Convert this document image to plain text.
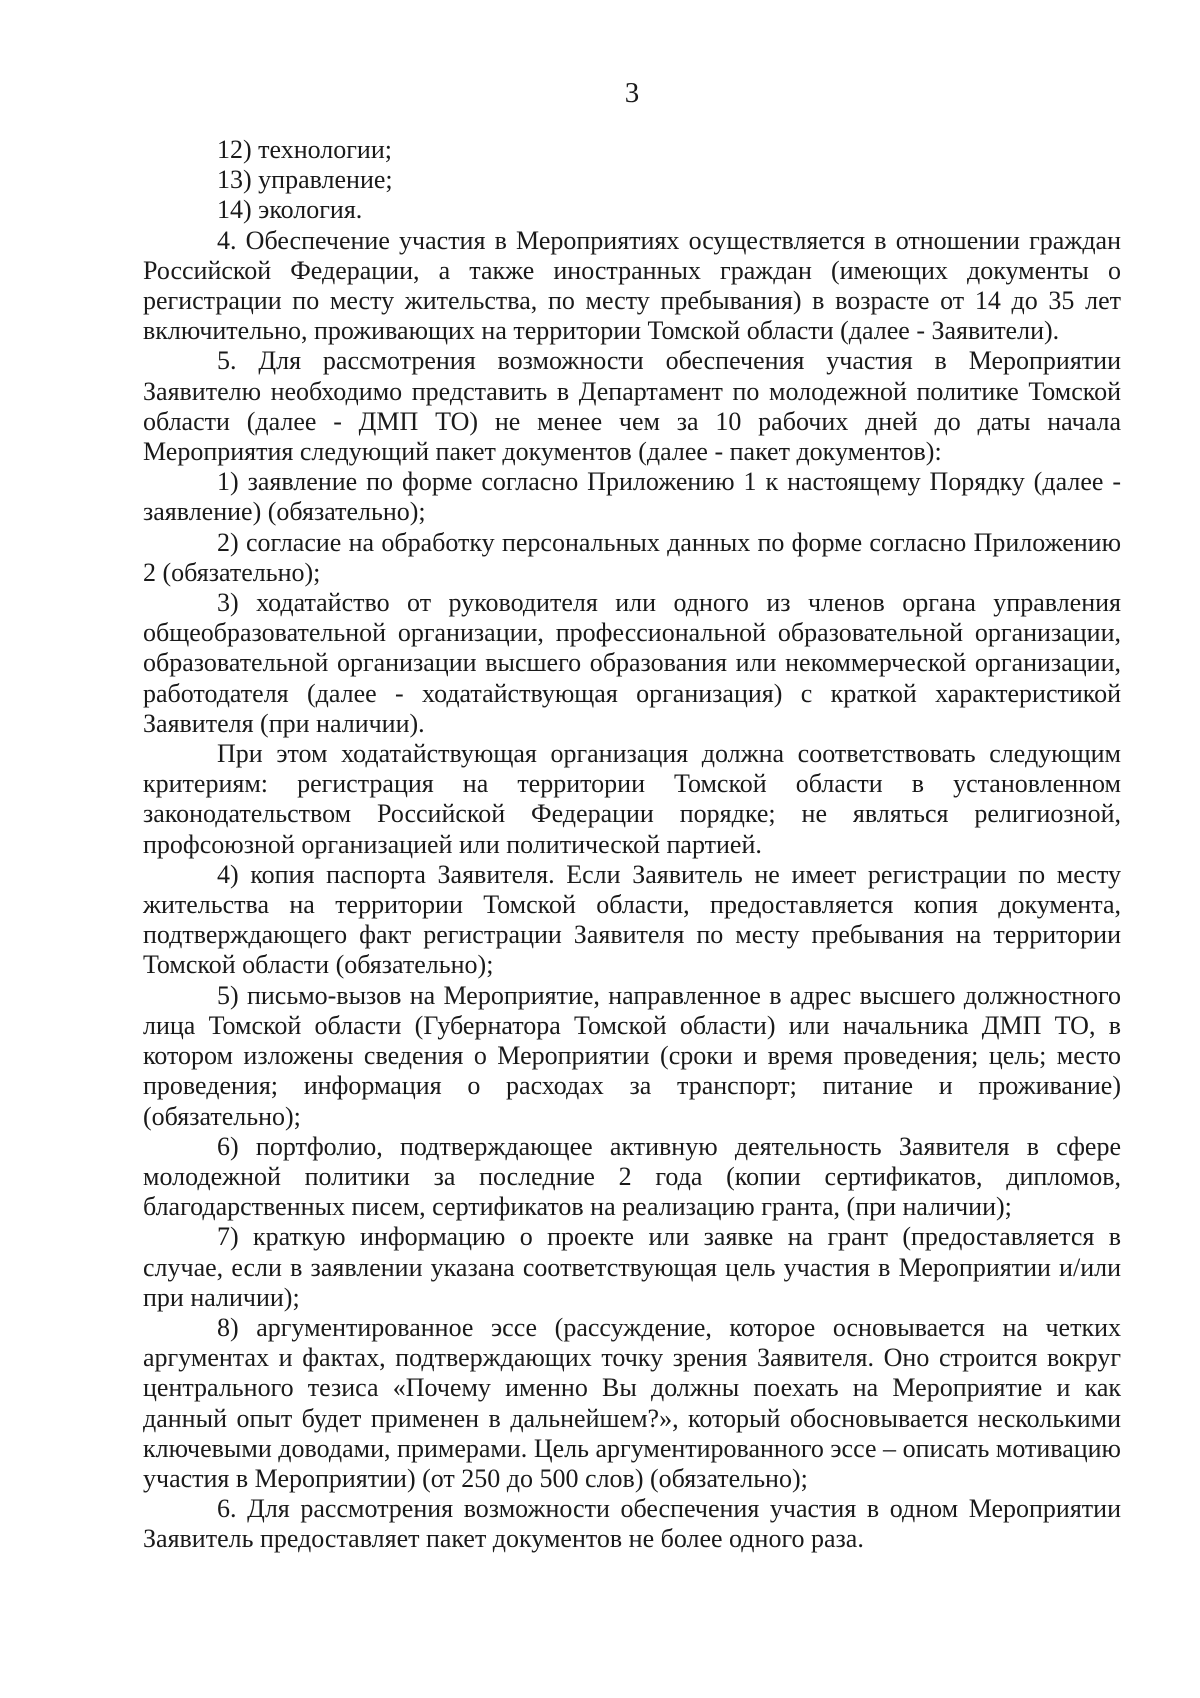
3

12) технологии;

13) управление;

14) экология.

4. Обеспечение участия в Мероприятиях осуществляется в отношении граждан Российской Федерации, а также иностранных граждан (имеющих документы о регистрации по месту жительства, по месту пребывания) в возрасте от 14 до 35 лет включительно, проживающих на территории Томской области (далее - Заявители).

5. Для рассмотрения возможности обеспечения участия в Мероприятии Заявителю необходимо представить в Департамент по молодежной политике Томской области (далее - ДМП ТО) не менее чем за 10 рабочих дней до даты начала Мероприятия следующий пакет документов (далее - пакет документов):

1) заявление по форме согласно Приложению 1 к настоящему Порядку (далее - заявление) (обязательно);

2) согласие на обработку персональных данных по форме согласно Приложению 2 (обязательно);

3) ходатайство от руководителя или одного из членов органа управления общеобразовательной организации, профессиональной образовательной организации, образовательной организации высшего образования или некоммерческой организации, работодателя (далее - ходатайствующая организация) с краткой характеристикой Заявителя (при наличии).

При этом ходатайствующая организация должна соответствовать следующим критериям: регистрация на территории Томской области в установленном законодательством Российской Федерации порядке; не являться религиозной, профсоюзной организацией или политической партией.

4) копия паспорта Заявителя. Если Заявитель не имеет регистрации по месту жительства на территории Томской области, предоставляется копия документа, подтверждающего факт регистрации Заявителя по месту пребывания на территории Томской области (обязательно);

5) письмо-вызов на Мероприятие, направленное в адрес высшего должностного лица Томской области (Губернатора Томской области) или начальника ДМП ТО, в котором изложены сведения о Мероприятии (сроки и время проведения; цель; место проведения; информация о расходах за транспорт; питание и проживание) (обязательно);

6) портфолио, подтверждающее активную деятельность Заявителя в сфере молодежной политики за последние 2 года (копии сертификатов, дипломов, благодарственных писем, сертификатов на реализацию гранта, (при наличии);

7) краткую информацию о проекте или заявке на грант (предоставляется в случае, если в заявлении указана соответствующая цель участия в Мероприятии и/или при наличии);

8) аргументированное эссе (рассуждение, которое основывается на четких аргументах и фактах, подтверждающих точку зрения Заявителя. Оно строится вокруг центрального тезиса «Почему именно Вы должны поехать на Мероприятие и как данный опыт будет применен в дальнейшем?», который обосновывается несколькими ключевыми доводами, примерами. Цель аргументированного эссе – описать мотивацию участия в Мероприятии) (от 250 до 500 слов) (обязательно);

6. Для рассмотрения возможности обеспечения участия в одном Мероприятии Заявитель предоставляет пакет документов не более одного раза.
